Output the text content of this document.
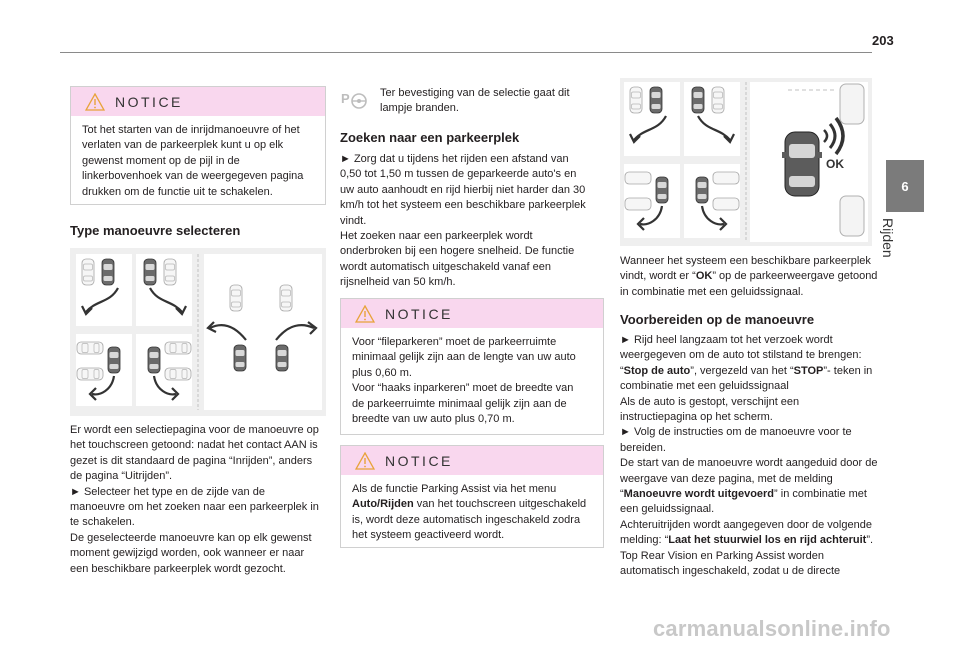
203
6
Rijden
NOTICE
Tot het starten van de inrijdmanoeuvre of het verlaten van de parkeerplek kunt u op elk gewenst moment op de pijl in de linkerbovenhoek van de weergegeven pagina drukken om de functie uit te schakelen.
Type manoeuvre selecteren
Er wordt een selectiepagina voor de manoeuvre op
het touchscreen getoond: nadat het contact AAN is
gezet is dit standaard de pagina “Inrijden”, anders
de pagina “Uitrijden”.
► Selecteer het type en de zijde van de
manoeuvre om het zoeken naar een parkeerplek in
te schakelen.
De geselecteerde manoeuvre kan op elk gewenst
moment gewijzigd worden, ook wanneer er naar
een beschikbare parkeerplek wordt gezocht.
P	Ter bevestiging van de selectie gaat dit lampje branden.
Zoeken naar een parkeerplek
► Zorg dat u tijdens het rijden een afstand van
0,50 tot 1,50 m tussen de geparkeerde auto's en
uw auto aanhoudt en rijd hierbij niet harder dan 30
km/h tot het systeem een beschikbare parkeerplek
vindt.
Het zoeken naar een parkeerplek wordt
onderbroken bij een hogere snelheid. De functie
wordt automatisch uitgeschakeld vanaf een
rijsnelheid van 50 km/h.
NOTICE
Voor “fileparkeren” moet de parkeerruimte
minimaal gelijk zijn aan de lengte van uw auto
plus 0,60 m.
Voor “haaks inparkeren” moet de breedte van
de parkeerruimte minimaal gelijk zijn aan de
breedte van uw auto plus 0,70 m.
NOTICE
Als de functie Parking Assist via het menu
Auto/Rijden van het touchscreen uitgeschakeld
is, wordt deze automatisch ingeschakeld zodra
het systeem geactiveerd wordt.
OK
Wanneer het systeem een beschikbare parkeerplek vindt, wordt er “OK” op de parkeerweergave getoond in combinatie met een geluidssignaal.
Voorbereiden op de manoeuvre
► Rijd heel langzaam tot het verzoek wordt weergegeven om de auto tot stilstand te brengen:
“Stop de auto”, vergezeld van het “STOP”- teken in combinatie met een geluidssignaal
Als de auto is gestopt, verschijnt een instructiepagina op het scherm.
► Volg de instructies om de manoeuvre voor te bereiden.
De start van de manoeuvre wordt aangeduid door de weergave van deze pagina, met de melding
“Manoeuvre wordt uitgevoerd” in combinatie met een geluidssignaal.
Achteruitrijden wordt aangegeven door de volgende melding: “Laat het stuurwiel los en rijd achteruit”.
Top Rear Vision en Parking Assist worden automatisch ingeschakeld, zodat u de directe
carmanualsonline.info
